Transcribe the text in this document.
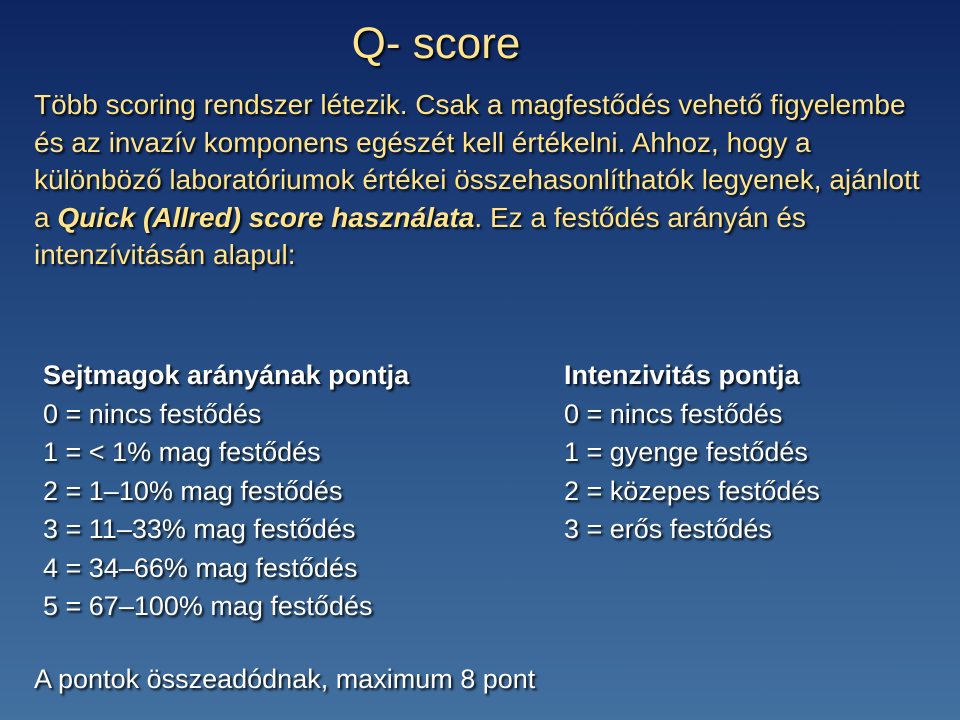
Q- score
Több scoring rendszer létezik. Csak a magfestődés vehető figyelembe és az invazív komponens egészét kell értékelni. Ahhoz, hogy a különböző laboratóriumok értékei összehasonlíthatók legyenek, ajánlott a Quick (Allred) score használata. Ez a festődés arányán és intenzívitásán alapul:
Sejtmagok arányának pontja
0 = nincs festődés
1 = < 1% mag festődés
2 = 1–10% mag festődés
3 = 11–33% mag festődés
4 = 34–66% mag festődés
5 = 67–100% mag festődés
Intenzivitás pontja
0 = nincs festődés
1 = gyenge festődés
2 = közepes festődés
3 = erős festődés
A pontok összeadódnak, maximum 8 pont
